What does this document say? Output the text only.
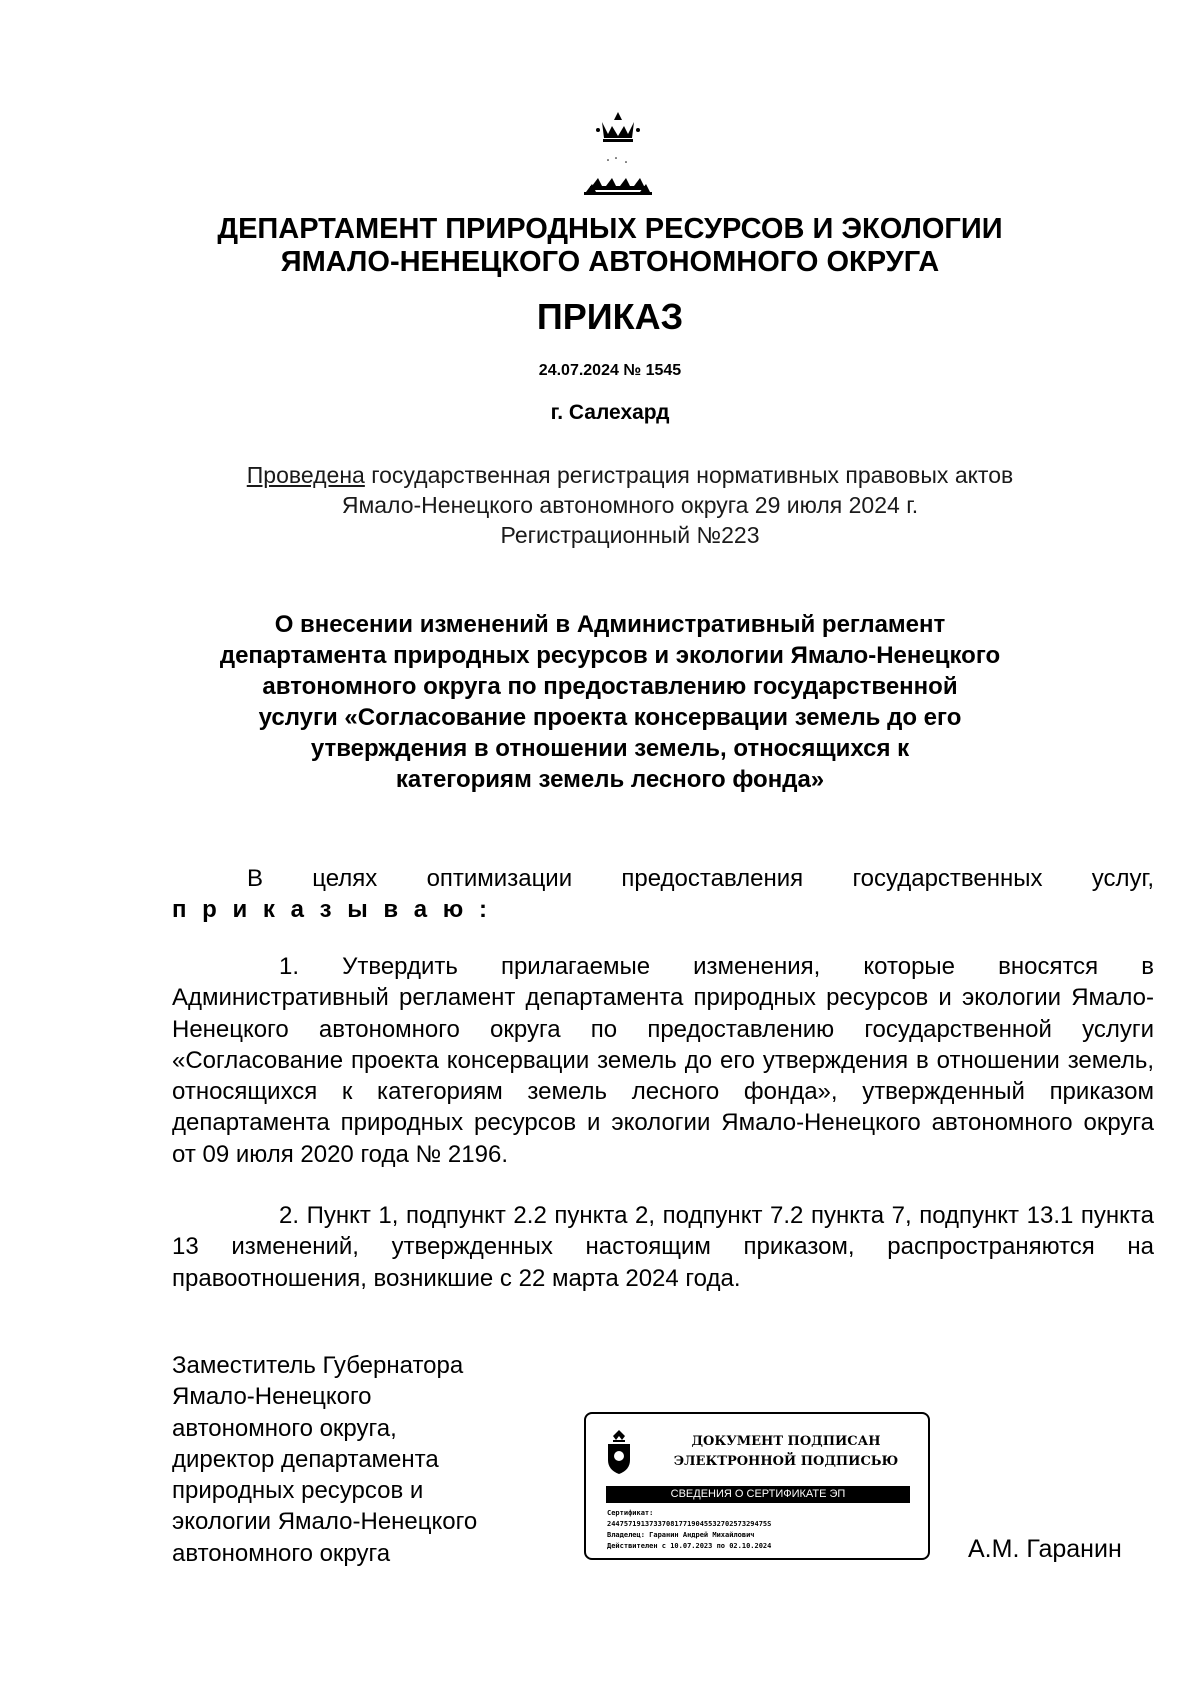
ДЕПАРТАМЕНТ ПРИРОДНЫХ РЕСУРСОВ И ЭКОЛОГИИ
ЯМАЛО-НЕНЕЦКОГО АВТОНОМНОГО ОКРУГА
ПРИКАЗ
24.07.2024 № 1545
г. Салехард
Проведена государственная регистрация нормативных правовых актов
Ямало-Ненецкого автономного округа 29 июля 2024 г.
Регистрационный №223
О внесении изменений в Административный регламент
департамента природных ресурсов и экологии Ямало-Ненецкого
автономного округа по предоставлению государственной
услуги «Согласование проекта консервации земель до его
утверждения в отношении земель, относящихся к
категориям земель лесного фонда»
В целях оптимизации предоставления государственных услуг,
п р и к а з ы в а ю :
1. Утвердить прилагаемые изменения, которые вносятся в Административный регламент департамента природных ресурсов и экологии Ямало-Ненецкого автономного округа по предоставлению государственной услуги «Согласование проекта консервации земель до его утверждения в отношении земель, относящихся к категориям земель лесного фонда», утвержденный приказом департамента природных ресурсов и экологии Ямало-Ненецкого автономного округа от 09 июля 2020 года № 2196.
2. Пункт 1, подпункт 2.2 пункта 2, подпункт 7.2 пункта 7, подпункт 13.1 пункта 13 изменений, утвержденных настоящим приказом, распространяются на правоотношения, возникшие с 22 марта 2024 года.
Заместитель Губернатора
Ямало-Ненецкого
автономного округа,
директор департамента
природных ресурсов и
экологии Ямало-Ненецкого
автономного округа
ДОКУМЕНТ ПОДПИСАН
ЭЛЕКТРОННОЙ ПОДПИСЬЮ
СВЕДЕНИЯ О СЕРТИФИКАТЕ ЭП
Сертификат:
24475719137337081771904553270257329475S
Владелец: Гаранин Андрей Михайлович
Действителен с 10.07.2023 по 02.10.2024	А.М. Гаранин
